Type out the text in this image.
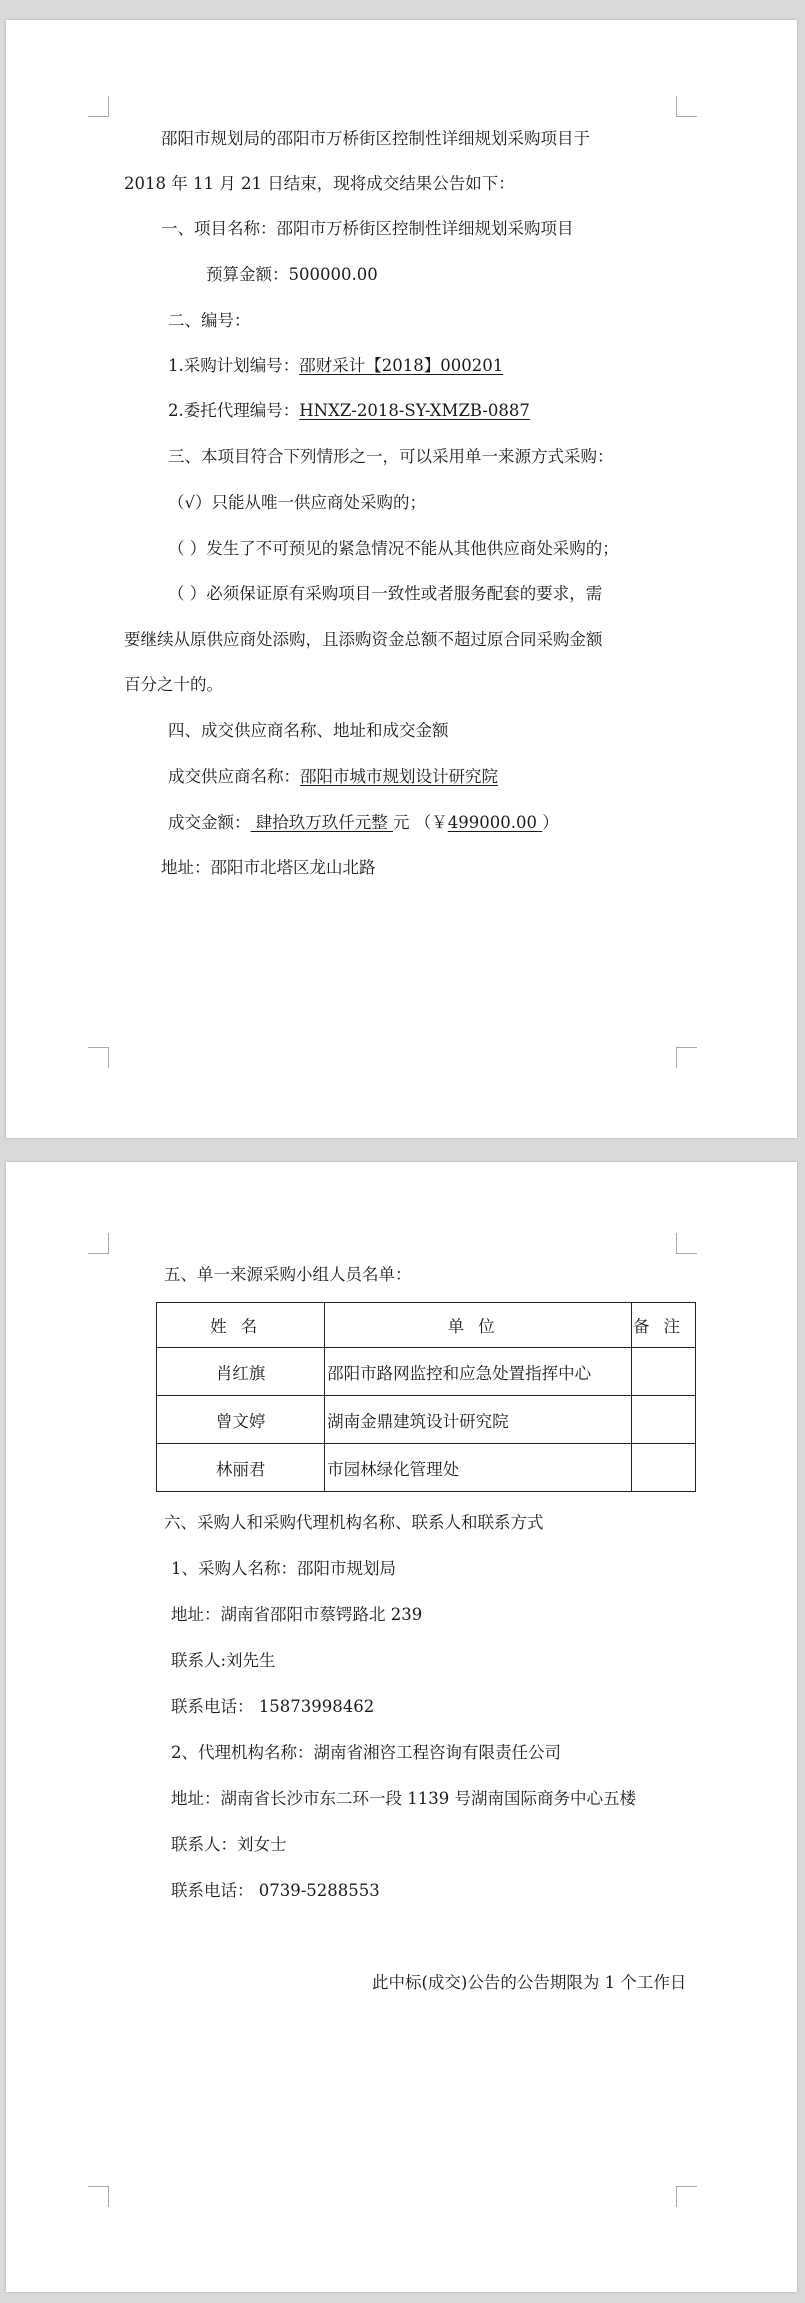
邵阳市规划局的邵阳市万桥街区控制性详细规划采购项目于
2018 年 11 月 21 日结束，现将成交结果公告如下：
一、项目名称：邵阳市万桥街区控制性详细规划采购项目
预算金额：500000.00
二、编号：
1.采购计划编号：邵财采计【2018】000201
2.委托代理编号：HNXZ-2018-SY-XMZB-0887
三、本项目符合下列情形之一，可以采用单一来源方式采购：
（√）只能从唯一供应商处采购的；
（ ）发生了不可预见的紧急情况不能从其他供应商处采购的；
（ ）必须保证原有采购项目一致性或者服务配套的要求，需
要继续从原供应商处添购，且添购资金总额不超过原合同采购金额
百分之十的。
四、成交供应商名称、地址和成交金额
成交供应商名称：邵阳市城市规划设计研究院
成交金额： 肆拾玖万玖仟元整 元 （￥499000.00 ）
地址：邵阳市北塔区龙山北路
五、单一来源采购小组人员名单：
姓名	单位	备注
肖红旗	邵阳市路网监控和应急处置指挥中心	
曾文婷	湖南金鼎建筑设计研究院	
林丽君	市园林绿化管理处	
六、采购人和采购代理机构名称、联系人和联系方式
1、采购人名称：邵阳市规划局
地址：湖南省邵阳市蔡锷路北 239
联系人:刘先生
联系电话： 15873998462
2、代理机构名称：湖南省湘咨工程咨询有限责任公司
地址：湖南省长沙市东二环一段 1139 号湖南国际商务中心五楼
联系人：刘女士
联系电话： 0739-5288553
此中标(成交)公告的公告期限为 1 个工作日
